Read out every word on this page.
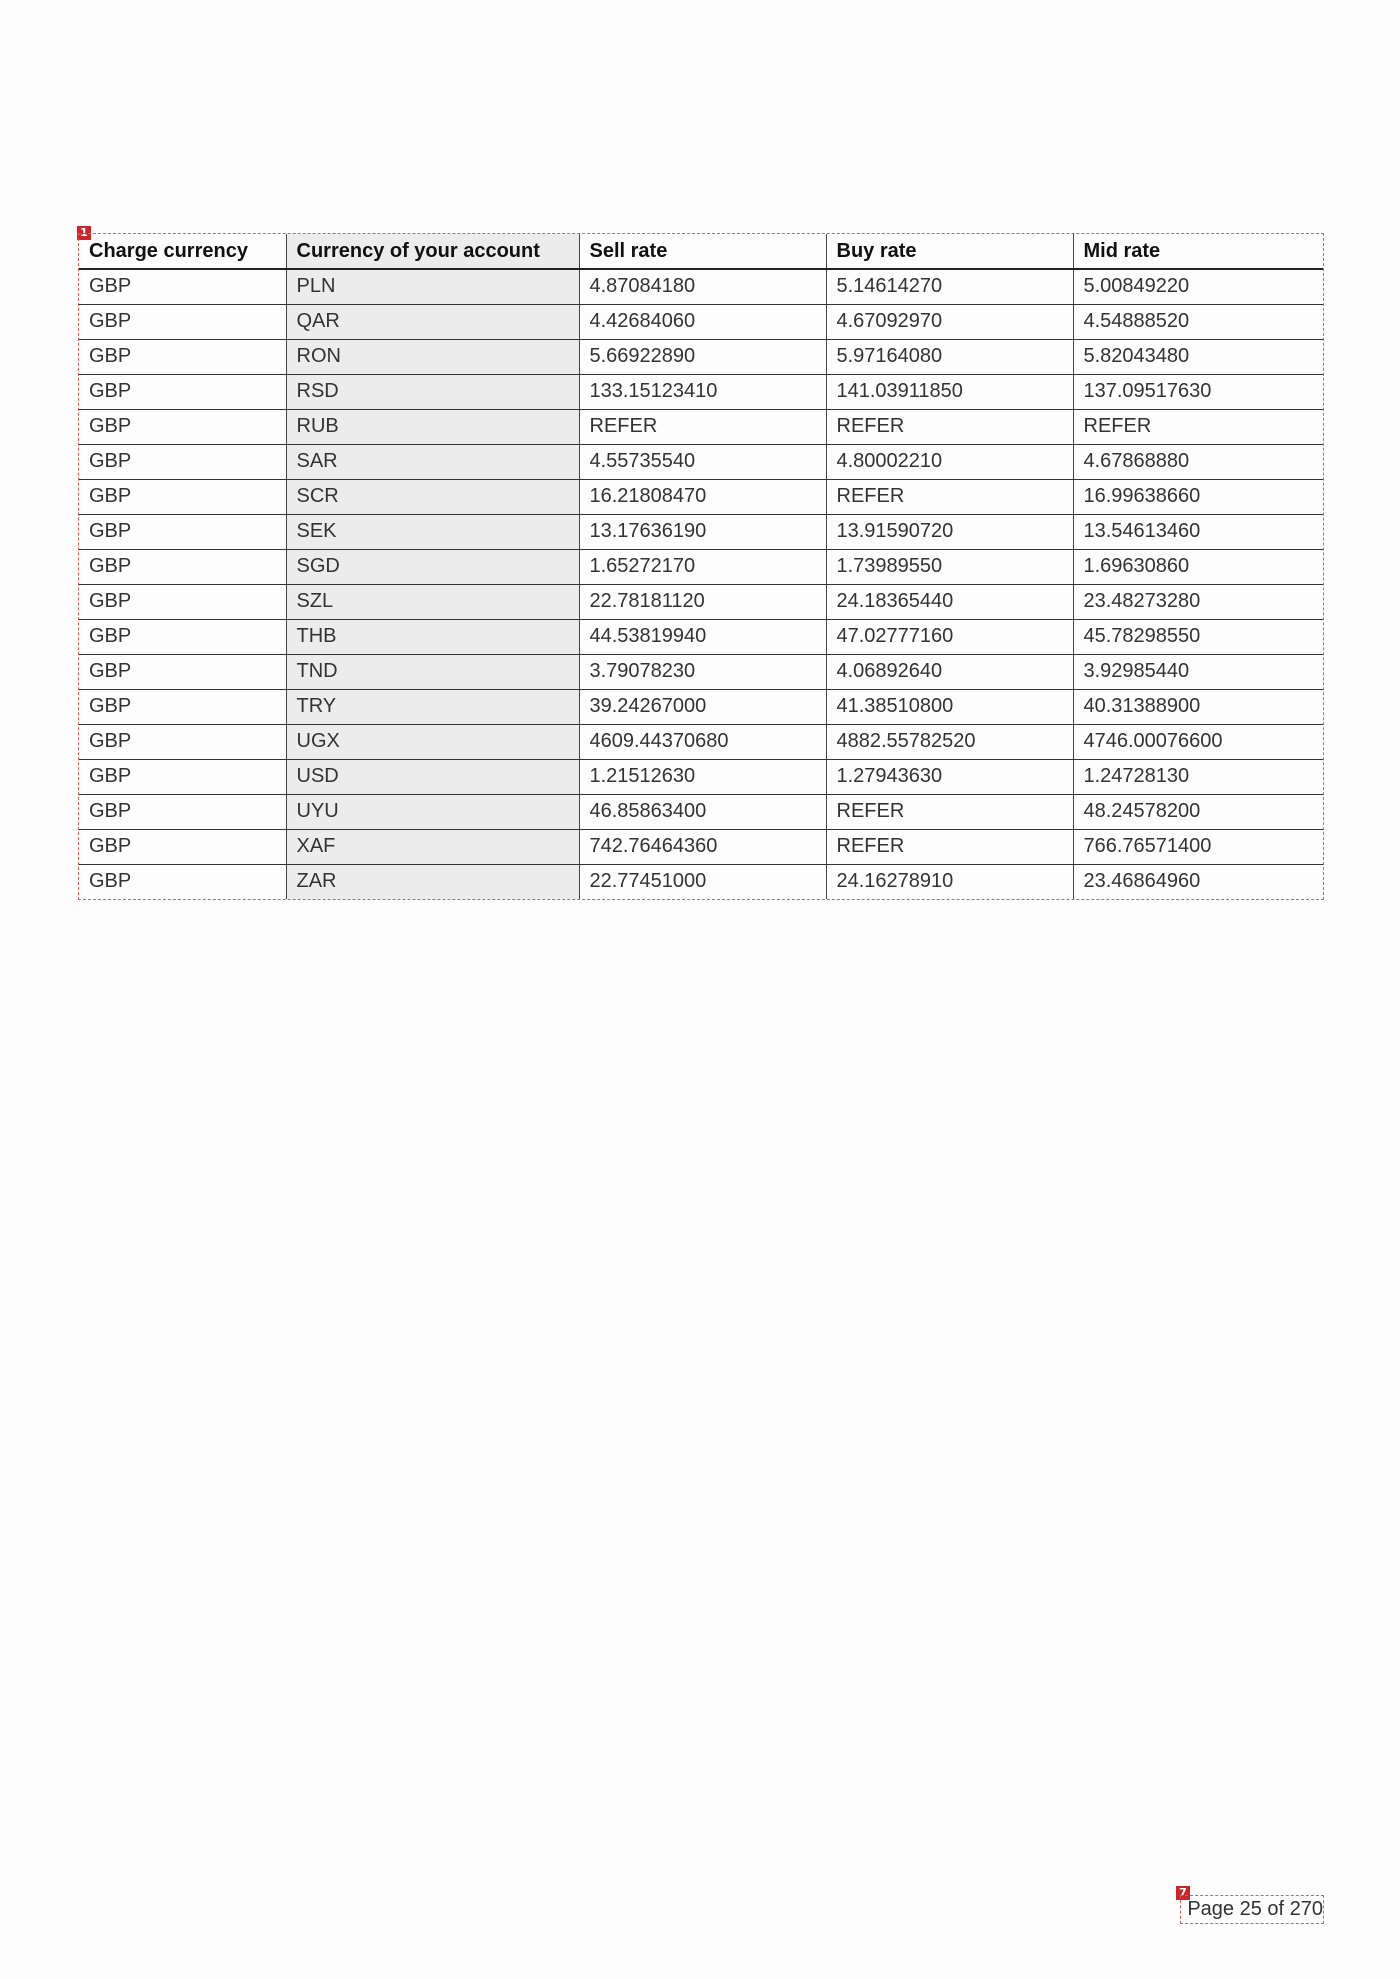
1
Charge currency	Currency of your account	Sell rate	Buy rate	Mid rate
GBP	PLN	4.87084180	5.14614270	5.00849220
GBP	QAR	4.42684060	4.67092970	4.54888520
GBP	RON	5.66922890	5.97164080	5.82043480
GBP	RSD	133.15123410	141.03911850	137.09517630
GBP	RUB	REFER	REFER	REFER
GBP	SAR	4.55735540	4.80002210	4.67868880
GBP	SCR	16.21808470	REFER	16.99638660
GBP	SEK	13.17636190	13.91590720	13.54613460
GBP	SGD	1.65272170	1.73989550	1.69630860
GBP	SZL	22.78181120	24.18365440	23.48273280
GBP	THB	44.53819940	47.02777160	45.78298550
GBP	TND	3.79078230	4.06892640	3.92985440
GBP	TRY	39.24267000	41.38510800	40.31388900
GBP	UGX	4609.44370680	4882.55782520	4746.00076600
GBP	USD	1.21512630	1.27943630	1.24728130
GBP	UYU	46.85863400	REFER	48.24578200
GBP	XAF	742.76464360	REFER	766.76571400
GBP	ZAR	22.77451000	24.16278910	23.46864960
7
Page 25 of 270
